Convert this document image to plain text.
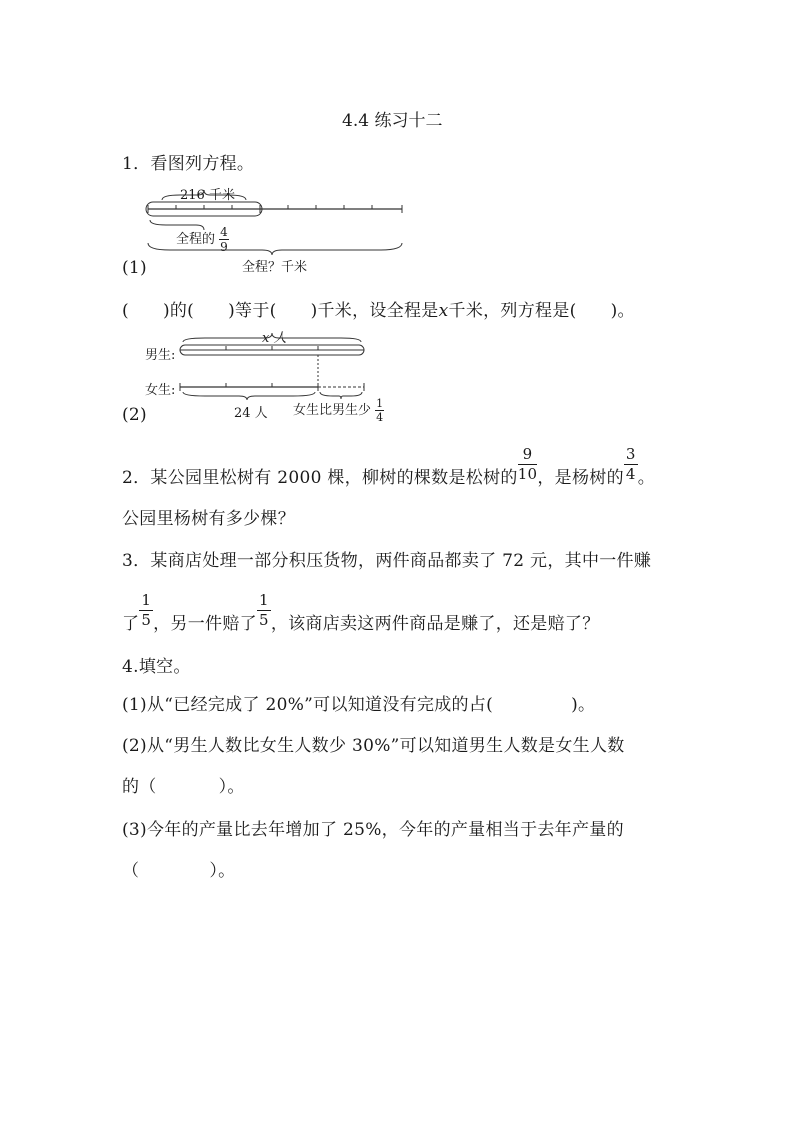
4.4 练习十二
1．看图列方程。
216 千米
全程的 $\frac{4}{9}$
全程？千米
(1)
( )的( )等于( )千米，设全程是x千米，列方程是( )。
x 人
男生:
女生:
24 人 女生比男生少 $\frac{1}{4}$
(2)
2．某公园里松树有 2000 棵，柳树的棵数是松树的 $\frac{9}{10}$ ，是杨树的 $\frac{3}{4}$ 。
公园里杨树有多少棵？
3．某商店处理一部分积压货物，两件商品都卖了 72 元，其中一件赚
了 $\frac{1}{5}$ ，另一件赔了 $\frac{1}{5}$ ，该商店卖这两件商品是赚了，还是赔了？
4.填空。
(1)从“已经完成了 20%”可以知道没有完成的占(	)。
(2)从“男生人数比女生人数少 30%”可以知道男生人数是女生人数
的（	）。
(3)今年的产量比去年增加了 25%，今年的产量相当于去年产量的
（	）。
